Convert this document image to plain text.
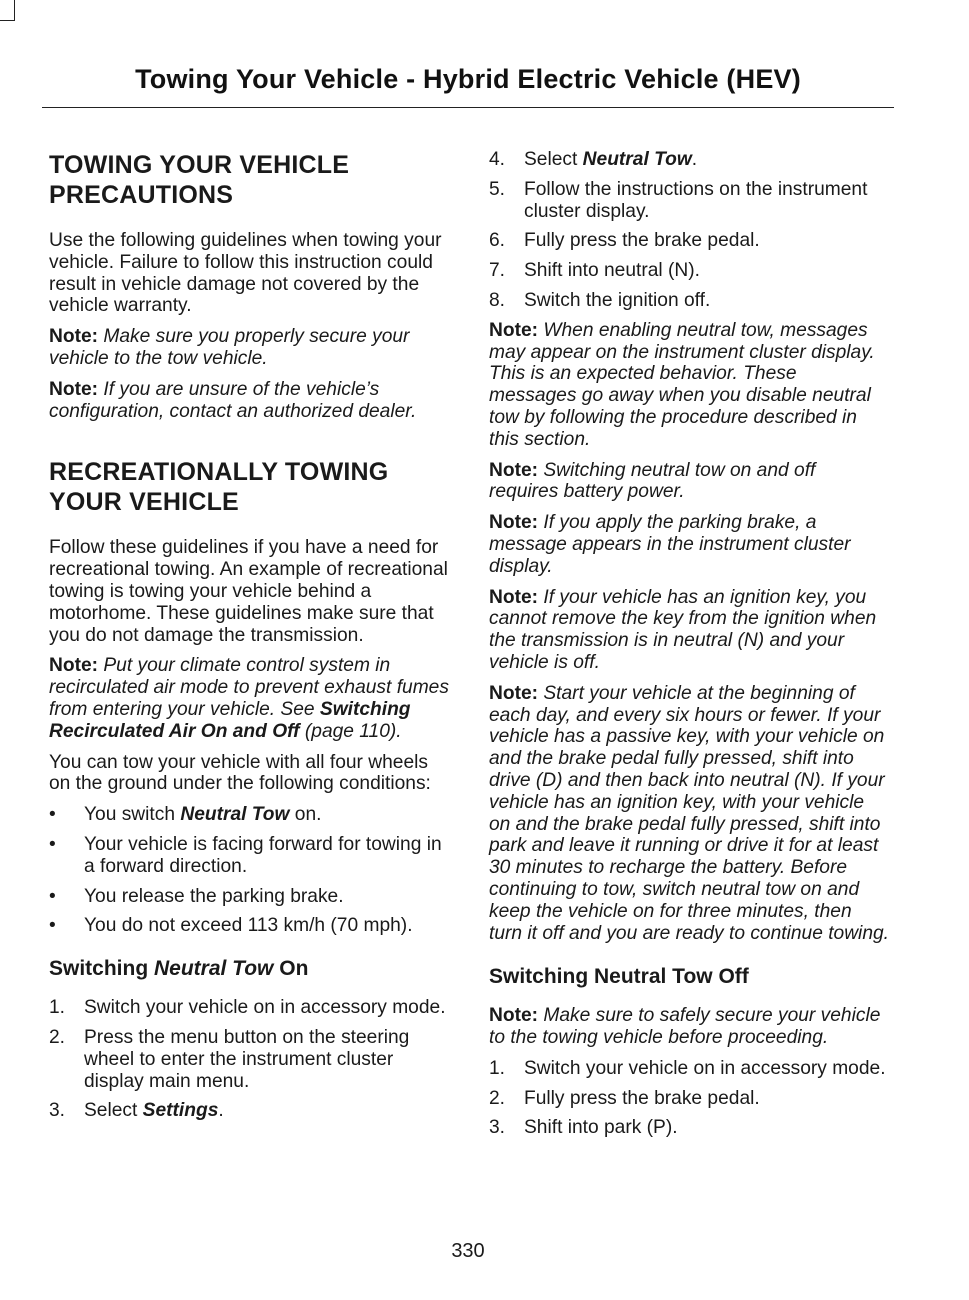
Towing Your Vehicle - Hybrid Electric Vehicle (HEV)
TOWING YOUR VEHICLE PRECAUTIONS

Use the following guidelines when towing your vehicle. Failure to follow this instruction could result in vehicle damage not covered by the vehicle warranty.

Note: Make sure you properly secure your vehicle to the tow vehicle.

Note: If you are unsure of the vehicle’s configuration, contact an authorized dealer.

RECREATIONALLY TOWING YOUR VEHICLE

Follow these guidelines if you have a need for recreational towing. An example of recreational towing is towing your vehicle behind a motorhome. These guidelines make sure that you do not damage the transmission.

Note: Put your climate control system in recirculated air mode to prevent exhaust fumes from entering your vehicle. See Switching Recirculated Air On and Off (page 110).

You can tow your vehicle with all four wheels on the ground under the following conditions:

• You switch Neutral Tow on.
• Your vehicle is facing forward for towing in a forward direction.
• You release the parking brake.
• You do not exceed 113 km/h (70 mph).
Switching Neutral Tow On
1. Switch your vehicle on in accessory mode.
2. Press the menu button on the steering wheel to enter the instrument cluster display main menu.
3. Select Settings.
4. Select Neutral Tow.
5. Follow the instructions on the instrument cluster display.
6. Fully press the brake pedal.
7. Shift into neutral (N).
8. Switch the ignition off.

Note: When enabling neutral tow, messages may appear on the instrument cluster display. This is an expected behavior. These messages go away when you disable neutral tow by following the procedure described in this section.

Note: Switching neutral tow on and off requires battery power.

Note: If you apply the parking brake, a message appears in the instrument cluster display.

Note: If your vehicle has an ignition key, you cannot remove the key from the ignition when the transmission is in neutral (N) and your vehicle is off.

Note: Start your vehicle at the beginning of each day, and every six hours or fewer. If your vehicle has a passive key, with your vehicle on and the brake pedal fully pressed, shift into drive (D) and then back into neutral (N). If your vehicle has an ignition key, with your vehicle on and the brake pedal fully pressed, shift into park and leave it running or drive it for at least 30 minutes to recharge the battery. Before continuing to tow, switch neutral tow on and keep the vehicle on for three minutes, then turn it off and you are ready to continue towing.

Switching Neutral Tow Off

Note: Make sure to safely secure your vehicle to the towing vehicle before proceeding.

1. Switch your vehicle on in accessory mode.
2. Fully press the brake pedal.
3. Shift into park (P).
330
